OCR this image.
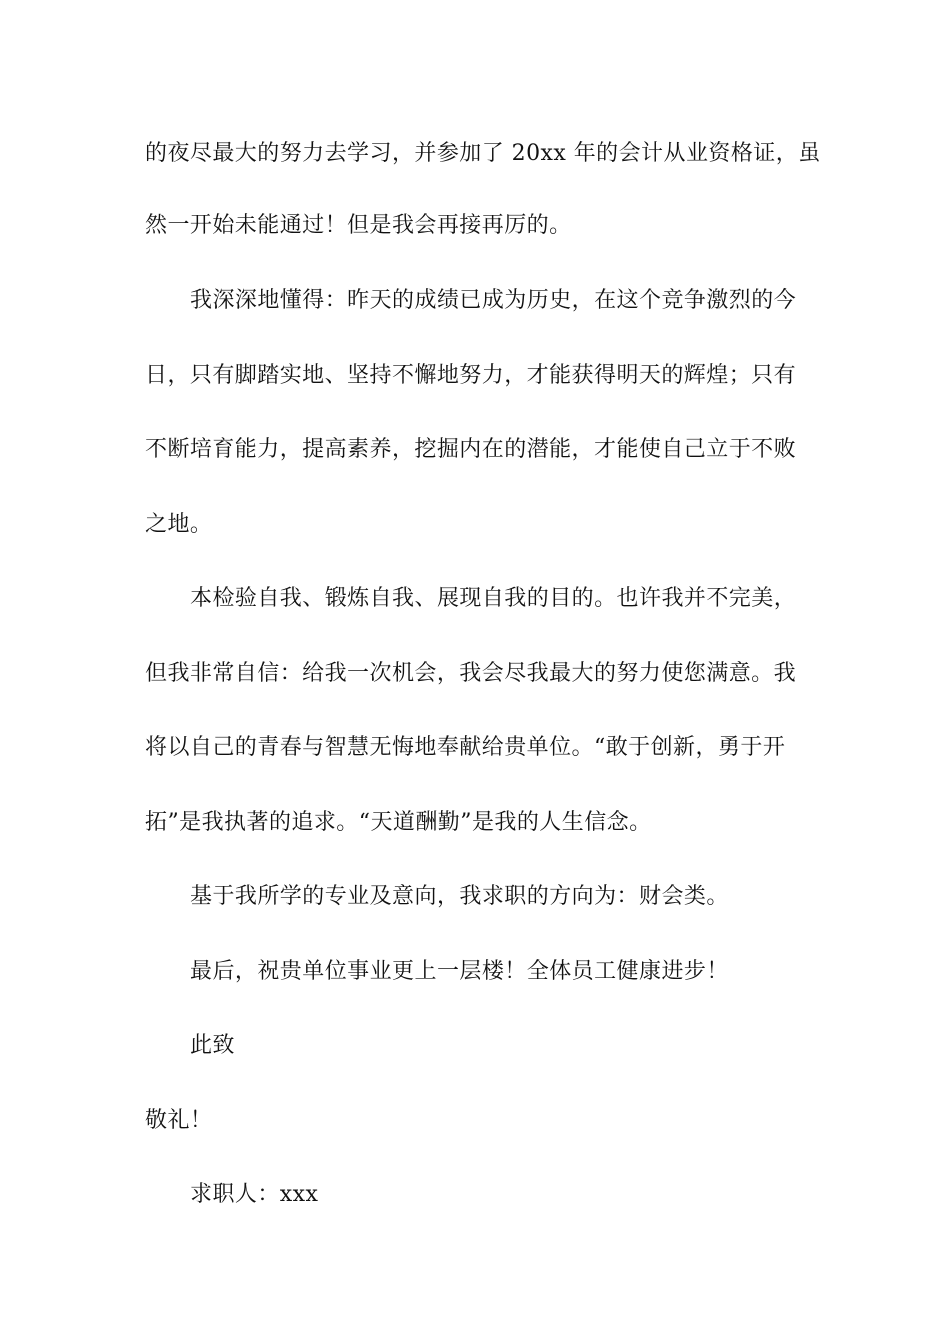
的夜尽最大的努力去学习，并参加了 20xx 年的会计从业资格证，虽
然一开始未能通过！但是我会再接再厉的。
我深深地懂得：昨天的成绩已成为历史，在这个竞争激烈的今
日，只有脚踏实地、坚持不懈地努力，才能获得明天的辉煌；只有
不断培育能力，提高素养，挖掘内在的潜能，才能使自己立于不败
之地。
本检验自我、锻炼自我、展现自我的目的。也许我并不完美，
但我非常自信：给我一次机会，我会尽我最大的努力使您满意。我
将以自己的青春与智慧无悔地奉献给贵单位。“敢于创新，勇于开
拓”是我执著的追求。“天道酬勤”是我的人生信念。
基于我所学的专业及意向，我求职的方向为：财会类。
最后，祝贵单位事业更上一层楼！全体员工健康进步！
此致
敬礼！
求职人：xxx
